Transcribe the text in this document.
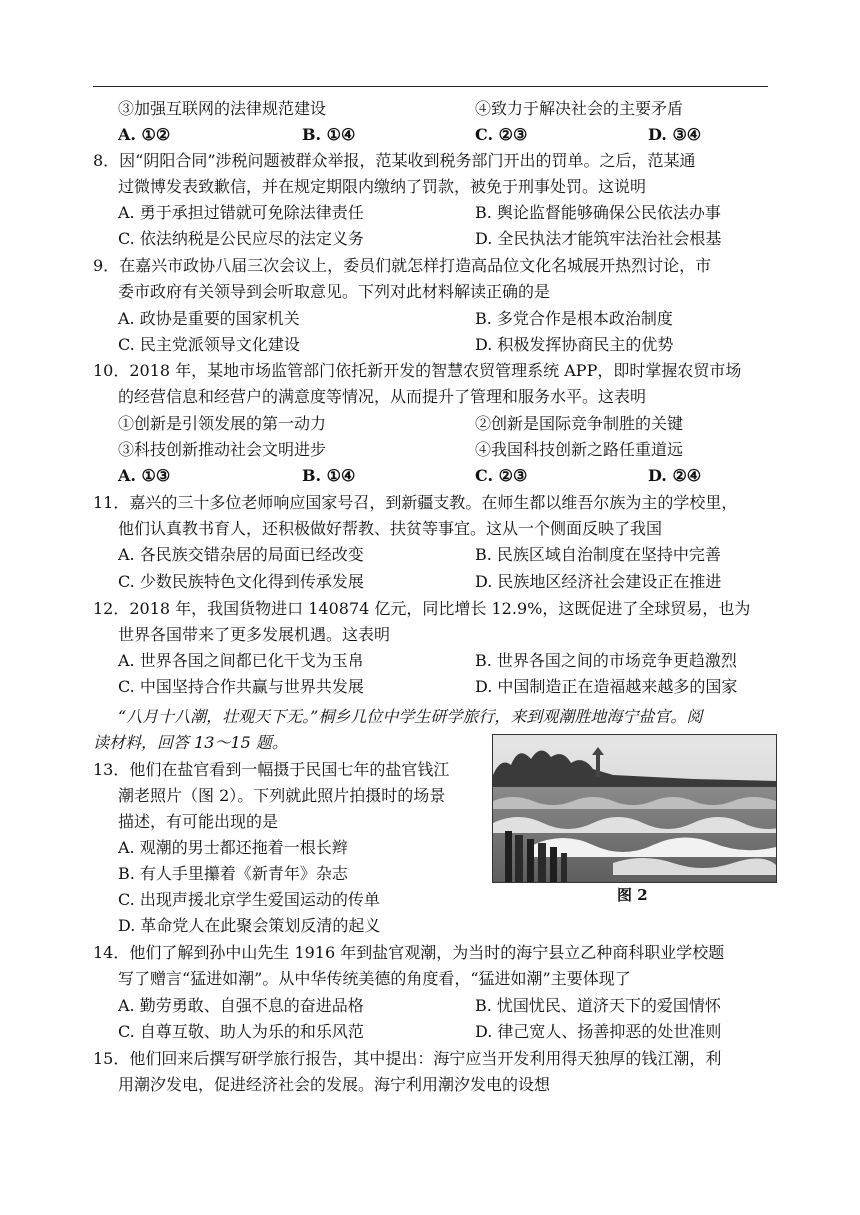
③加强互联网的法律规范建设	④致力于解决社会的主要矛盾
A. ①②	B. ①④	C. ②③	D. ③④
8．因“阴阳合同”涉税问题被群众举报，范某收到税务部门开出的罚单。之后，范某通
过微博发表致歉信，并在规定期限内缴纳了罚款，被免于刑事处罚。这说明
A. 勇于承担过错就可免除法律责任	B. 舆论监督能够确保公民依法办事
C. 依法纳税是公民应尽的法定义务	D. 全民执法才能筑牢法治社会根基
9．在嘉兴市政协八届三次会议上，委员们就怎样打造高品位文化名城展开热烈讨论，市
委市政府有关领导到会听取意见。下列对此材料解读正确的是
A. 政协是重要的国家机关	B. 多党合作是根本政治制度
C. 民主党派领导文化建设	D. 积极发挥协商民主的优势
10．2018 年，某地市场监管部门依托新开发的智慧农贸管理系统 APP，即时掌握农贸市场
的经营信息和经营户的满意度等情况，从而提升了管理和服务水平。这表明
①创新是引领发展的第一动力	②创新是国际竞争制胜的关键
③科技创新推动社会文明进步	④我国科技创新之路任重道远
A. ①③	B. ①④	C. ②③	D. ②④
11．嘉兴的三十多位老师响应国家号召，到新疆支教。在师生都以维吾尔族为主的学校里，
他们认真教书育人，还积极做好帮教、扶贫等事宜。这从一个侧面反映了我国
A. 各民族交错杂居的局面已经改变	B. 民族区域自治制度在坚持中完善
C. 少数民族特色文化得到传承发展	D. 民族地区经济社会建设正在推进
12．2018 年，我国货物进口 140874 亿元，同比增长 12.9%，这既促进了全球贸易，也为
世界各国带来了更多发展机遇。这表明
A. 世界各国之间都已化干戈为玉帛	B. 世界各国之间的市场竞争更趋激烈
C. 中国坚持合作共赢与世界共发展	D. 中国制造正在造福越来越多的国家
“八月十八潮，壮观天下无。”桐乡几位中学生研学旅行，来到观潮胜地海宁盐官。阅
读材料，回答 13～15 题。
图 2
13．他们在盐官看到一幅摄于民国七年的盐官钱江
潮老照片（图 2）。下列就此照片拍摄时的场景
描述，有可能出现的是
A. 观潮的男士都还拖着一根长辫
B. 有人手里攥着《新青年》杂志
C. 出现声援北京学生爱国运动的传单
D. 革命党人在此聚会策划反清的起义
14．他们了解到孙中山先生 1916 年到盐官观潮，为当时的海宁县立乙种商科职业学校题
写了赠言“猛进如潮”。从中华传统美德的角度看，“猛进如潮”主要体现了
A. 勤劳勇敢、自强不息的奋进品格	B. 忧国忧民、道济天下的爱国情怀
C. 自尊互敬、助人为乐的和乐风范	D. 律己宽人、扬善抑恶的处世准则
15．他们回来后撰写研学旅行报告，其中提出：海宁应当开发利用得天独厚的钱江潮，利
用潮汐发电，促进经济社会的发展。海宁利用潮汐发电的设想
